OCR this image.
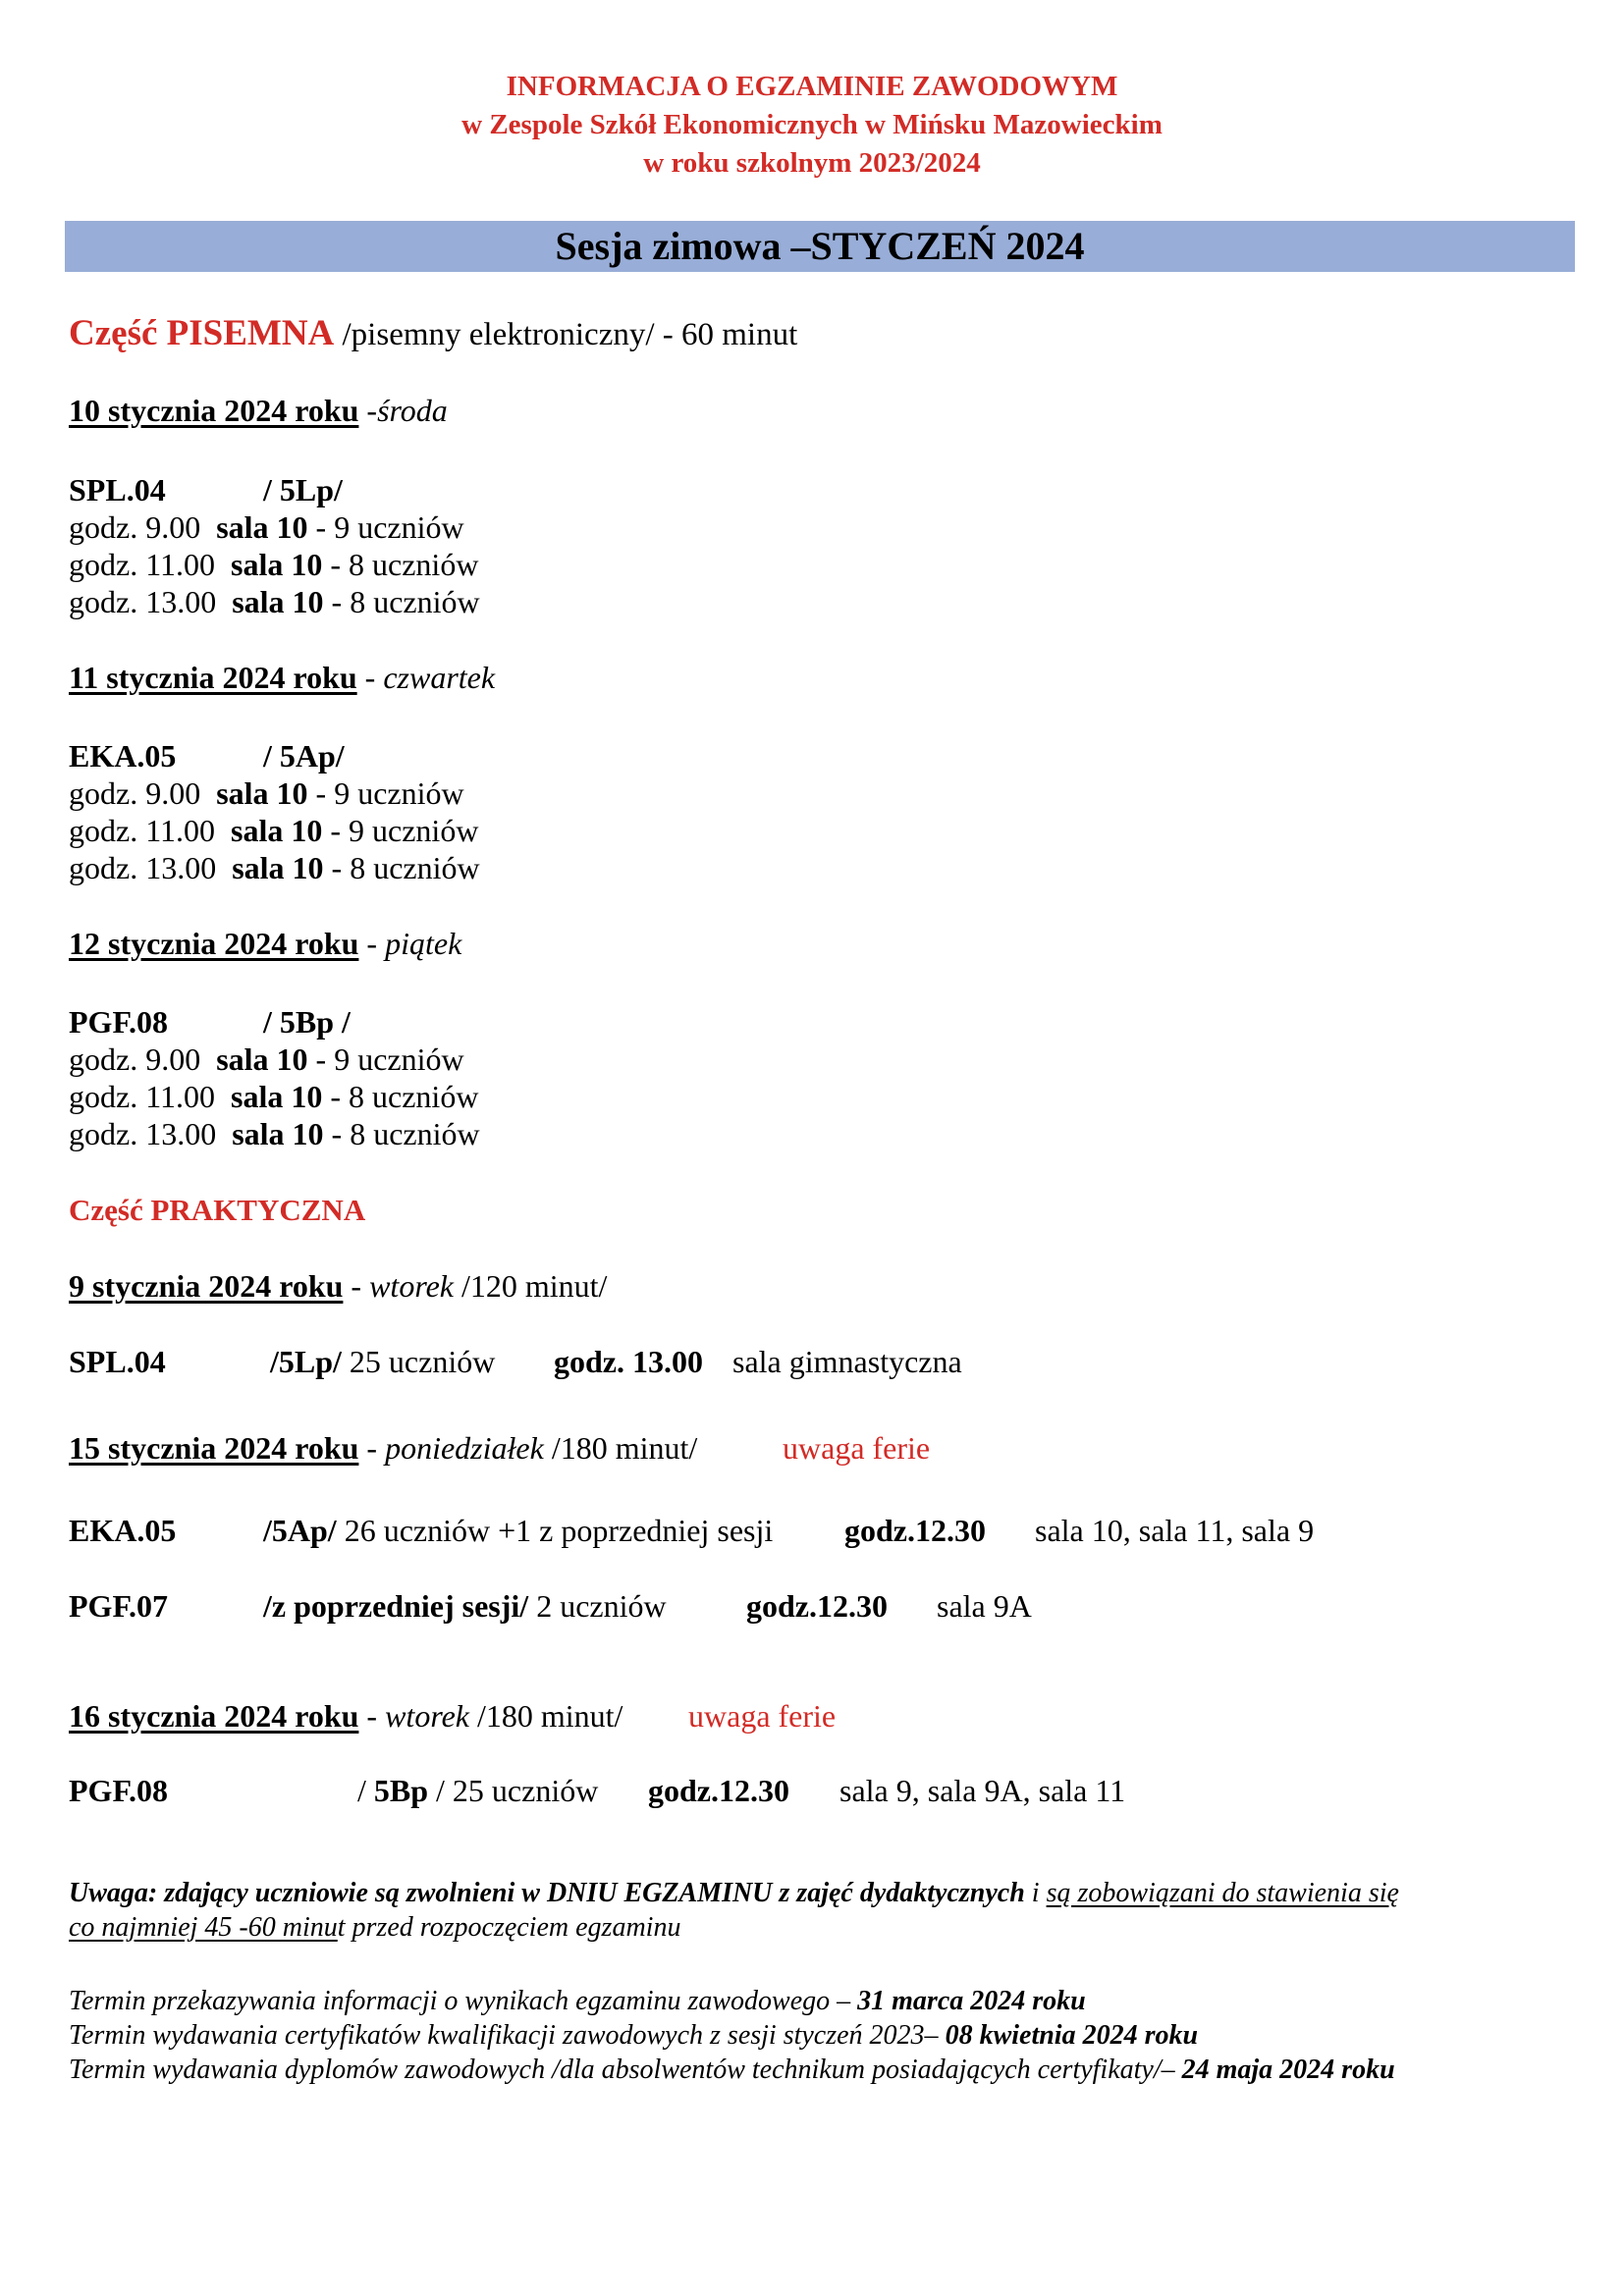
INFORMACJA O EGZAMINIE ZAWODOWYM
w Zespole Szkół Ekonomicznych w Mińsku Mazowieckim
w roku szkolnym 2023/2024
Sesja zimowa –STYCZEŃ 2024
Część PISEMNA /pisemny elektroniczny/ - 60 minut
10 stycznia 2024 roku -środa
SPL.04	/ 5Lp/
godz. 9.00 sala 10 - 9 uczniów
godz. 11.00 sala 10 - 8 uczniów
godz. 13.00 sala 10 - 8 uczniów
11 stycznia 2024 roku - czwartek
EKA.05	/ 5Ap/
godz. 9.00 sala 10 - 9 uczniów
godz. 11.00 sala 10 - 9 uczniów
godz. 13.00 sala 10 - 8 uczniów
12 stycznia 2024 roku - piątek
PGF.08	/ 5Bp /
godz. 9.00 sala 10 - 9 uczniów
godz. 11.00 sala 10 - 8 uczniów
godz. 13.00 sala 10 - 8 uczniów
Część PRAKTYCZNA
9 stycznia 2024 roku - wtorek /120 minut/
SPL.04	/5Lp/ 25 uczniów godz. 13.00 sala gimnastyczna
15 stycznia 2024 roku - poniedziałek /180 minut/	uwaga ferie
EKA.05	/5Ap/ 26 uczniów +1 z poprzedniej sesji godz.12.30 sala 10, sala 11, sala 9
PGF.07	/z poprzedniej sesji/ 2 uczniów	godz.12.30 sala 9A
16 stycznia 2024 roku - wtorek /180 minut/ uwaga ferie
PGF.08	/ 5Bp / 25 uczniów godz.12.30 sala 9, sala 9A, sala 11
Uwaga: zdający uczniowie są zwolnieni w DNIU EGZAMINU z zajęć dydaktycznych i są zobowiązani do stawienia się
co najmniej 45 -60 minut przed rozpoczęciem egzaminu
Termin przekazywania informacji o wynikach egzaminu zawodowego – 31 marca 2024 roku
Termin wydawania certyfikatów kwalifikacji zawodowych z sesji styczeń 2023– 08 kwietnia 2024 roku
Termin wydawania dyplomów zawodowych /dla absolwentów technikum posiadających certyfikaty/– 24 maja 2024 roku
